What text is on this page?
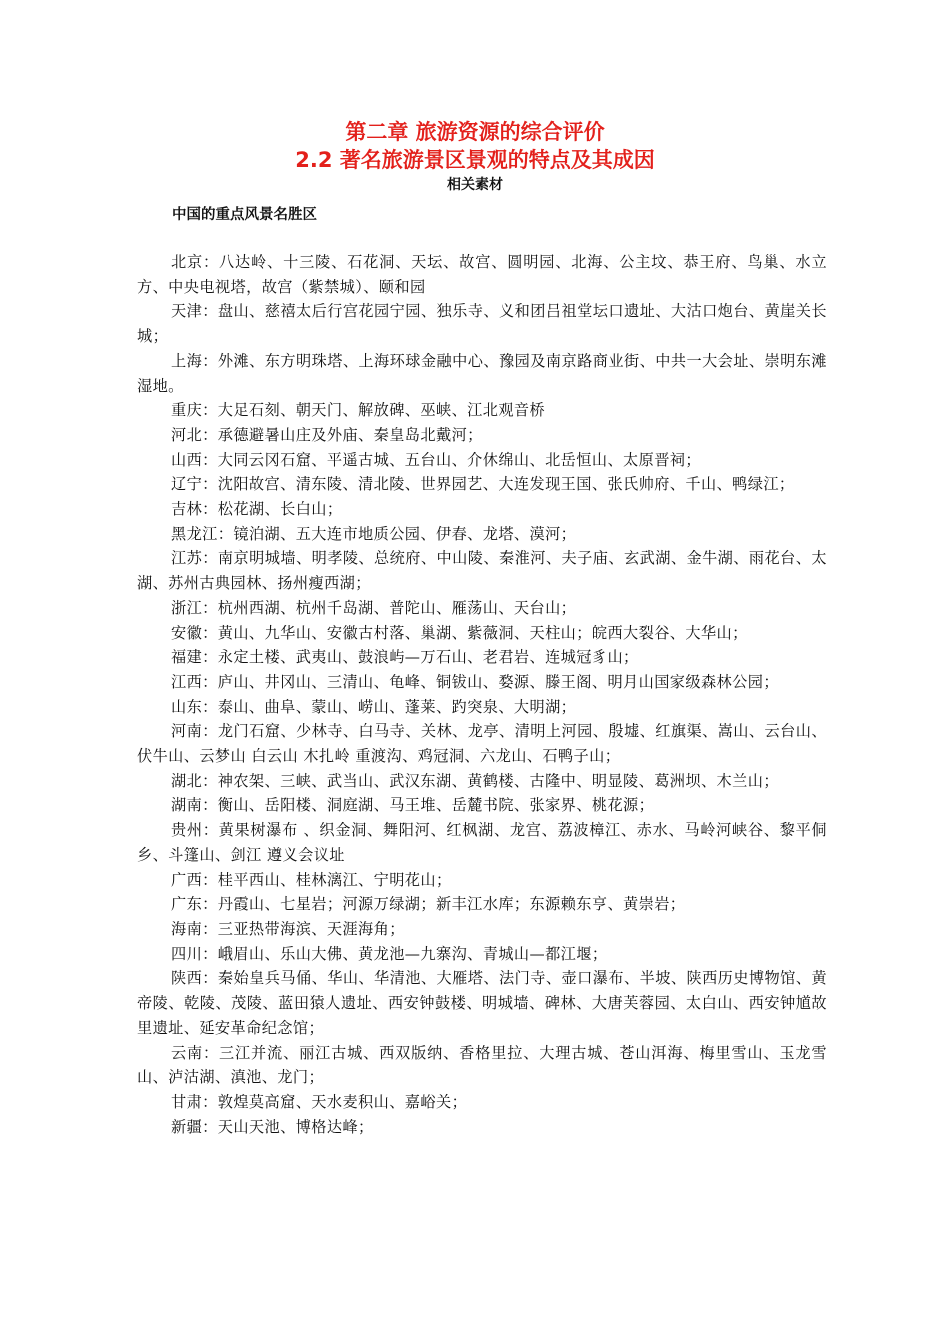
第二章 旅游资源的综合评价

2.2 著名旅游景区景观的特点及其成因

相关素材

中国的重点风景名胜区

北京：八达岭、十三陵、石花洞、天坛、故宫、圆明园、北海、公主坟、恭王府、鸟巢、水立方、中央电视塔，故宫（紫禁城）、颐和园

天津：盘山、慈禧太后行宫花园宁园、独乐寺、义和团吕祖堂坛口遗址、大沽口炮台、黄崖关长城；

上海：外滩、东方明珠塔、上海环球金融中心、豫园及南京路商业街、中共一大会址、崇明东滩湿地。

重庆：大足石刻、朝天门、解放碑、巫峡、江北观音桥

河北：承德避暑山庄及外庙、秦皇岛北戴河；

山西：大同云冈石窟、平遥古城、五台山、介休绵山、北岳恒山、太原晋祠；

辽宁：沈阳故宫、清东陵、清北陵、世界园艺、大连发现王国、张氏帅府、千山、鸭绿江；

吉林：松花湖、长白山；

黑龙江：镜泊湖、五大连市地质公园、伊春、龙塔、漠河；

江苏：南京明城墙、明孝陵、总统府、中山陵、秦淮河、夫子庙、玄武湖、金牛湖、雨花台、太湖、苏州古典园林、扬州瘦西湖；

浙江：杭州西湖、杭州千岛湖、普陀山、雁荡山、天台山；

安徽：黄山、九华山、安徽古村落、巢湖、紫薇洞、天柱山；皖西大裂谷、大华山；

福建：永定土楼、武夷山、鼓浪屿—万石山、老君岩、连城冠豸山；

江西：庐山、井冈山、三清山、龟峰、铜钹山、婺源、滕王阁、明月山国家级森林公园；

山东：泰山、曲阜、蒙山、崂山、蓬莱、趵突泉、大明湖；

河南：龙门石窟、少林寺、白马寺、关林、龙亭、清明上河园、殷墟、红旗渠、嵩山、云台山、伏牛山、云梦山 白云山 木扎岭 重渡沟、鸡冠洞、六龙山、石鸭子山；

湖北：神农架、三峡、武当山、武汉东湖、黄鹤楼、古隆中、明显陵、葛洲坝、木兰山；

湖南：衡山、岳阳楼、洞庭湖、马王堆、岳麓书院、张家界、桃花源；

贵州：黄果树瀑布 、织金洞、舞阳河、红枫湖、龙宫、荔波樟江、赤水、马岭河峡谷、黎平侗乡、斗篷山、剑江 遵义会议址

广西：桂平西山、桂林漓江、宁明花山；

广东：丹霞山、七星岩；河源万绿湖；新丰江水库；东源赖东亨、黄崇岩；

海南：三亚热带海滨、天涯海角；

四川：峨眉山、乐山大佛、黄龙池—九寨沟、青城山—都江堰；

陕西：秦始皇兵马俑、华山、华清池、大雁塔、法门寺、壶口瀑布、半坡、陕西历史博物馆、黄帝陵、乾陵、茂陵、蓝田猿人遗址、西安钟鼓楼、明城墙、碑林、大唐芙蓉园、太白山、西安钟馗故里遗址、延安革命纪念馆；

云南：三江并流、丽江古城、西双版纳、香格里拉、大理古城、苍山洱海、梅里雪山、玉龙雪山、泸沽湖、滇池、龙门；

甘肃：敦煌莫高窟、天水麦积山、嘉峪关；

新疆：天山天池、博格达峰；
